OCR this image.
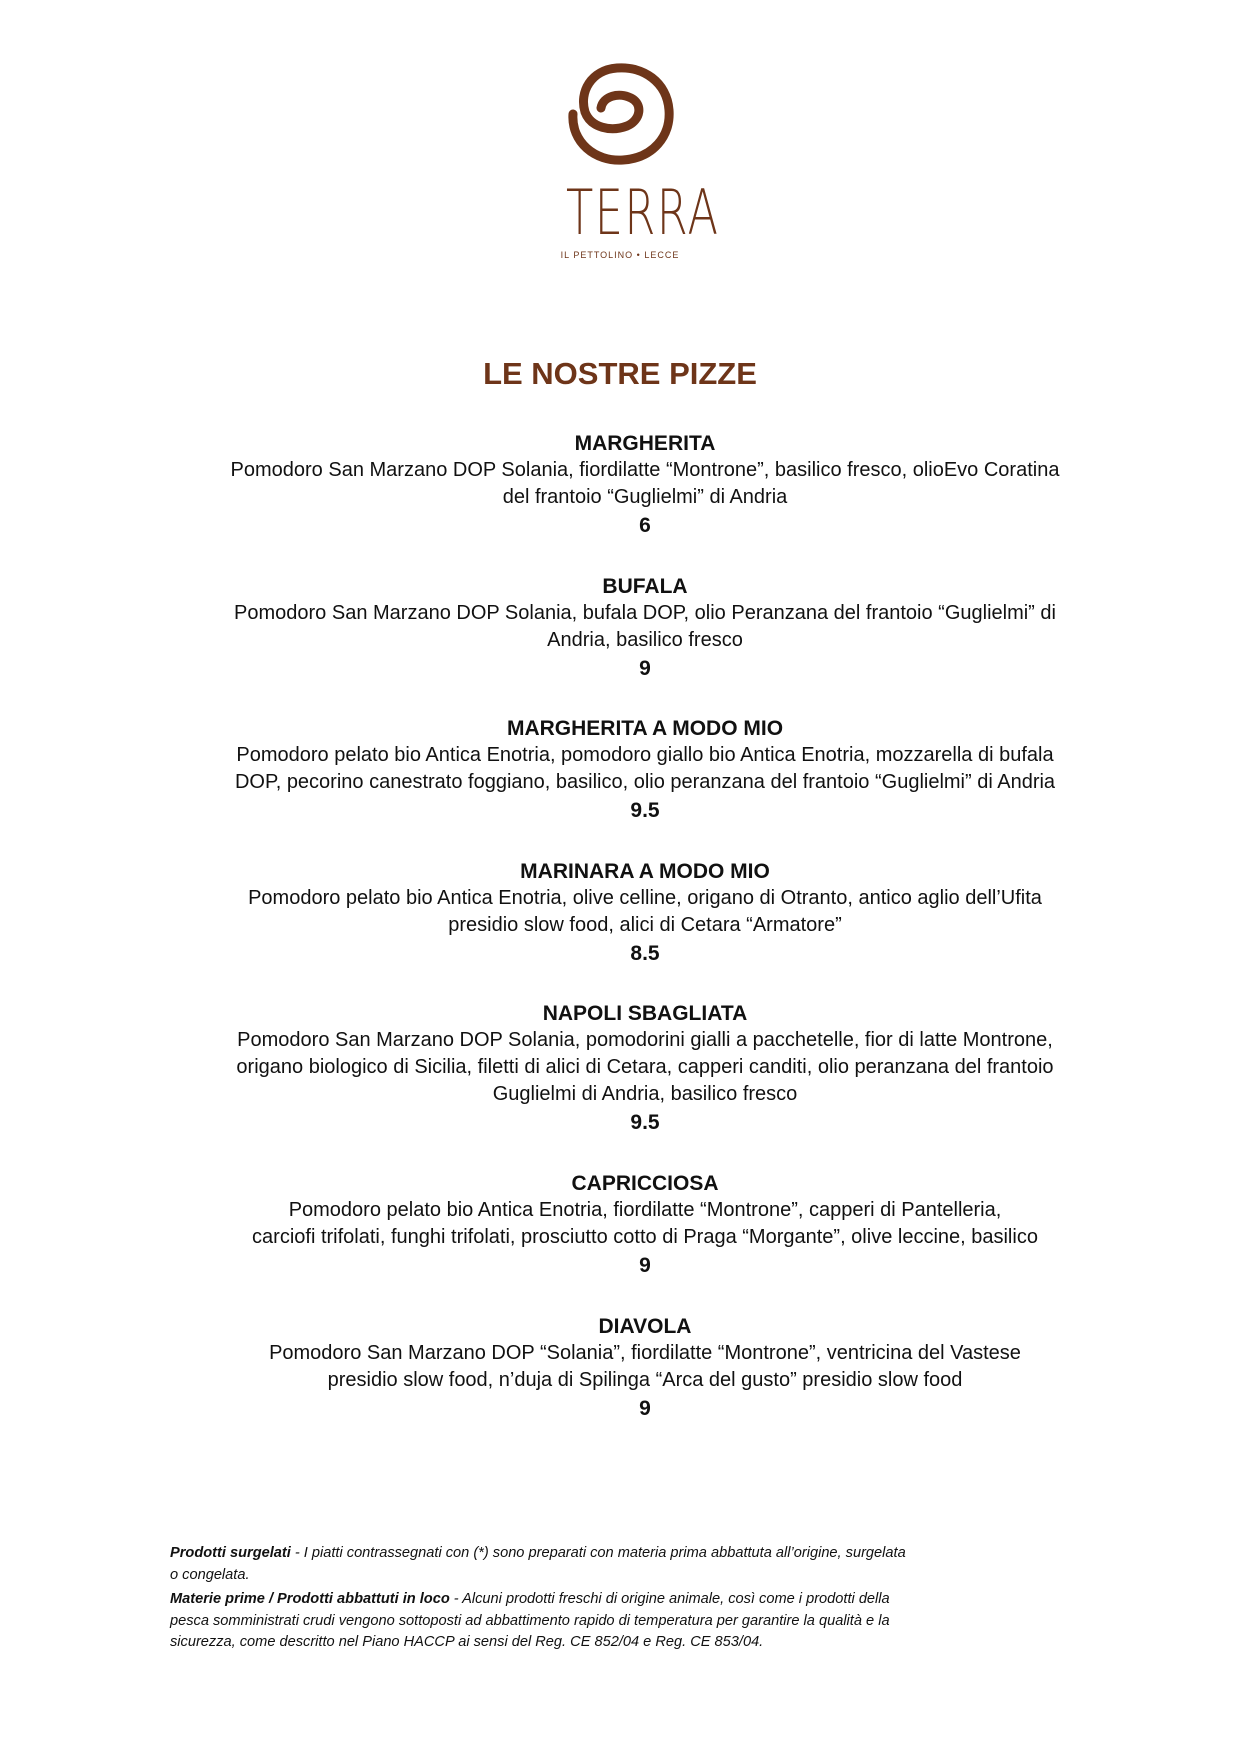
TERRA
IL PETTOLINO • LECCE
LE NOSTRE PIZZE
MARGHERITA
Pomodoro San Marzano DOP Solania, fiordilatte “Montrone”, basilico fresco, olioEvo Coratina
del frantoio “Guglielmi” di Andria
6
BUFALA
Pomodoro San Marzano DOP Solania, bufala DOP, olio Peranzana del frantoio “Guglielmi” di
Andria, basilico fresco
9
MARGHERITA A MODO MIO
Pomodoro pelato bio Antica Enotria, pomodoro giallo bio Antica Enotria, mozzarella di bufala
DOP, pecorino canestrato foggiano, basilico, olio peranzana del frantoio “Guglielmi” di Andria
9.5
MARINARA A MODO MIO
Pomodoro pelato bio Antica Enotria, olive celline, origano di Otranto, antico aglio dell’Ufita
presidio slow food, alici di Cetara “Armatore”
8.5
NAPOLI SBAGLIATA
Pomodoro San Marzano DOP Solania, pomodorini gialli a pacchetelle, fior di latte Montrone,
origano biologico di Sicilia, filetti di alici di Cetara, capperi canditi, olio peranzana del frantoio
Guglielmi di Andria, basilico fresco
9.5
CAPRICCIOSA
Pomodoro pelato bio Antica Enotria, fiordilatte “Montrone”, capperi di Pantelleria,
carciofi trifolati, funghi trifolati, prosciutto cotto di Praga “Morgante”, olive leccine, basilico
9
DIAVOLA
Pomodoro San Marzano DOP “Solania”, fiordilatte “Montrone”, ventricina del Vastese
presidio slow food, n’duja di Spilinga “Arca del gusto” presidio slow food
9

Prodotti surgelati - I piatti contrassegnati con (*) sono preparati con materia prima abbattuta all’origine, surgelata
o congelata.

Materie prime / Prodotti abbattuti in loco - Alcuni prodotti freschi di origine animale, così come i prodotti della
pesca somministrati crudi vengono sottoposti ad abbattimento rapido di temperatura per garantire la qualità e la
sicurezza, come descritto nel Piano HACCP ai sensi del Reg. CE 852/04 e Reg. CE 853/04.
